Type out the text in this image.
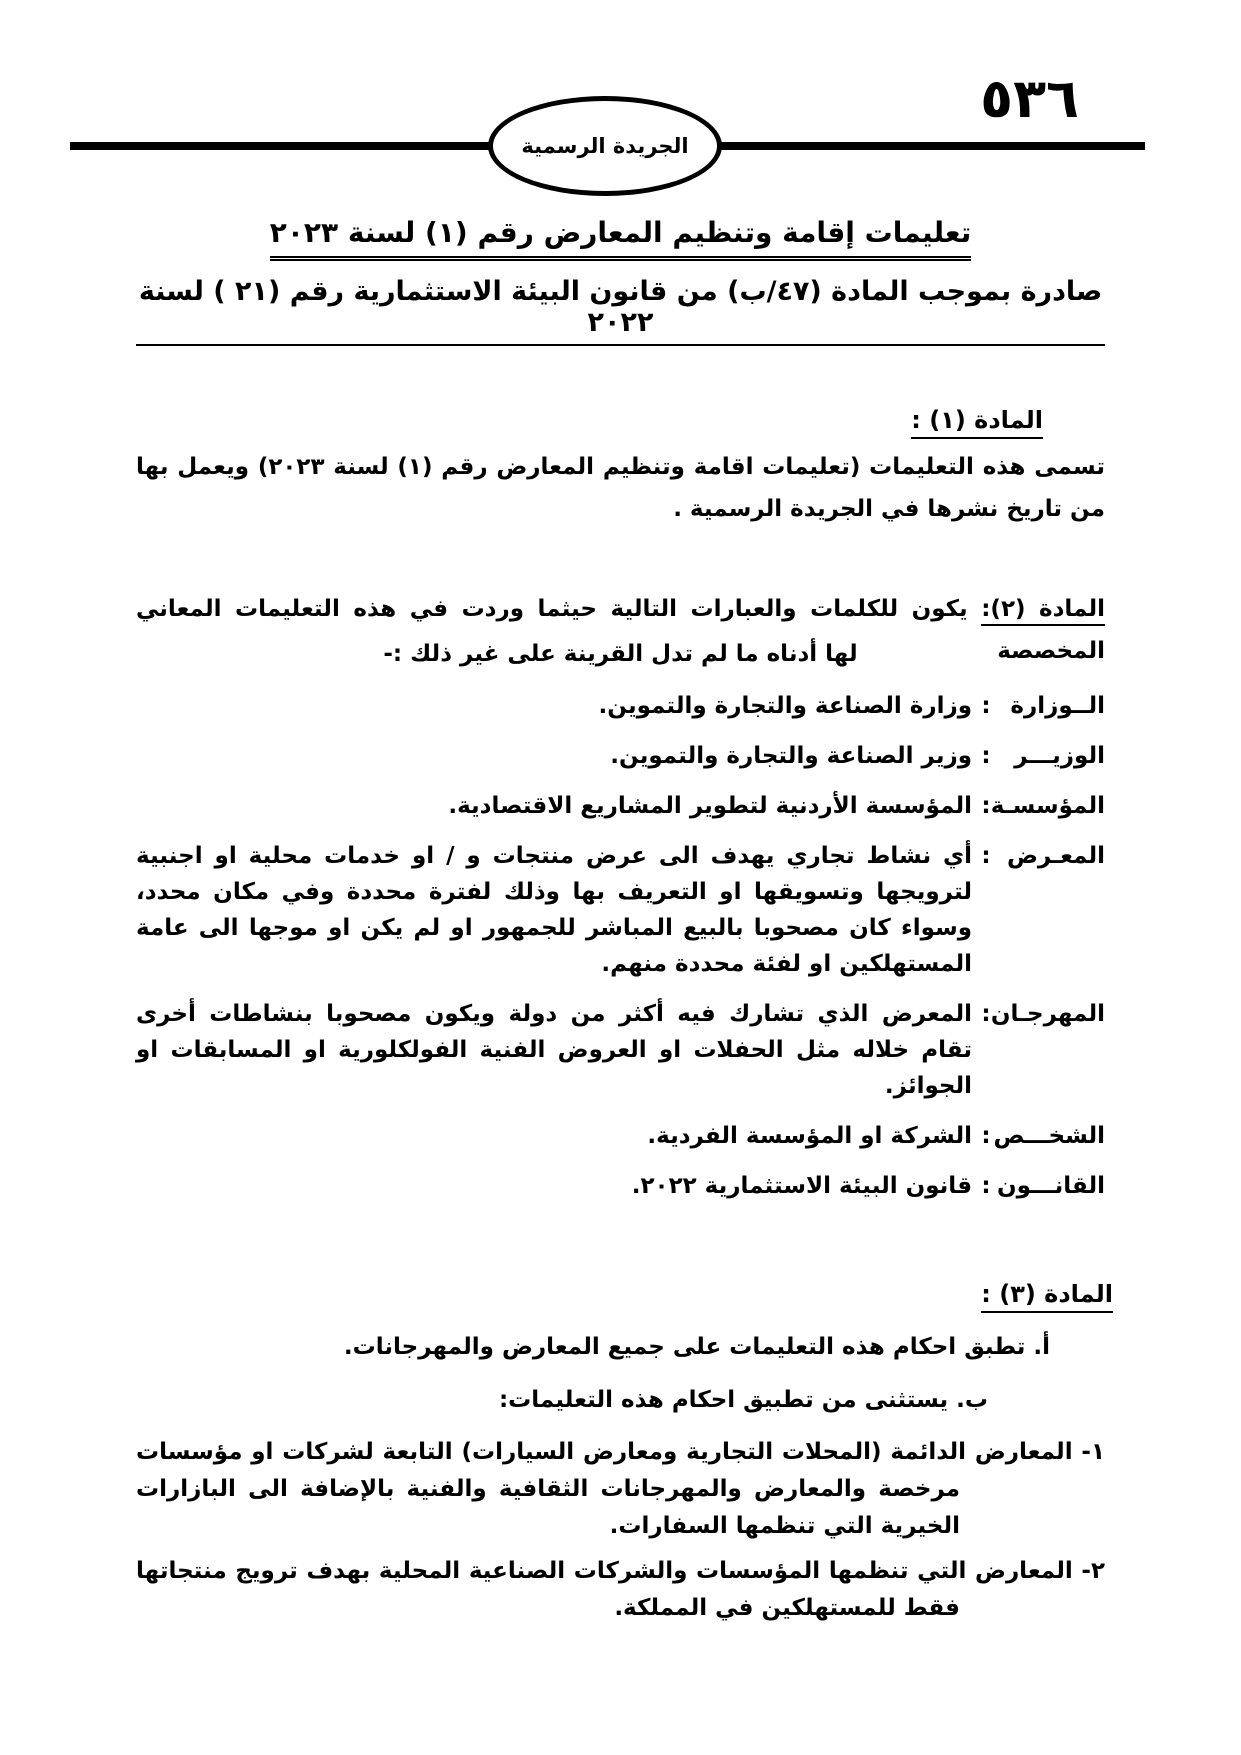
٥٣٦
الجريدة الرسمية
تعليمات إقامة وتنظيم المعارض رقم (١) لسنة ٢٠٢٣
صادرة بموجب المادة (٤٧/ب) من قانون البيئة الاستثمارية رقم (٢١ ) لسنة ٢٠٢٢
المادة (١) :

تسمى هذه التعليمات (تعليمات اقامة وتنظيم المعارض رقم (١) لسنة ٢٠٢٣) ويعمل بها من تاريخ نشرها في الجريدة الرسمية .

المادة (٢): يكون للكلمات والعبارات التالية حيثما وردت في هذه التعليمات المعاني المخصصة

لها أدناه ما لم تدل القرينة على غير ذلك :-

الــوزارة
:

وزارة الصناعة والتجارة والتموين.

الوزيـــر
:

وزير الصناعة والتجارة والتموين.

المؤسسـة
:

المؤسسة الأردنية لتطوير المشاريع الاقتصادية.

المعـرض
:

أي نشاط تجاري يهدف الى عرض منتجات و / او خدمات محلية او اجنبية لترويجها وتسويقها او التعريف بها وذلك لفترة محددة وفي مكان محدد، وسواء كان مصحوبا بالبيع المباشر للجمهور او لم يكن او موجها الى عامة المستهلكين او لفئة محددة منهم.

المهرجـان
:

المعرض الذي تشارك فيه أكثر من دولة ويكون مصحوبا بنشاطات أخرى تقام خلاله مثل الحفلات او العروض الفنية الفولكلورية او المسابقات او الجوائز.

الشخـــص
:

الشركة او المؤسسة الفردية.

القانـــون
:

قانون البيئة الاستثمارية ٢٠٢٢.

المادة (٣) :

أ. تطبق احكام هذه التعليمات على جميع المعارض والمهرجانات.

ب. يستثنى من تطبيق احكام هذه التعليمات:

١- المعارض الدائمة (المحلات التجارية ومعارض السيارات) التابعة لشركات او مؤسسات مرخصة والمعارض والمهرجانات الثقافية والفنية بالإضافة الى البازارات الخيرية التي تنظمها السفارات.

٢- المعارض التي تنظمها المؤسسات والشركات الصناعية المحلية بهدف ترويج منتجاتها فقط للمستهلكين في المملكة.
